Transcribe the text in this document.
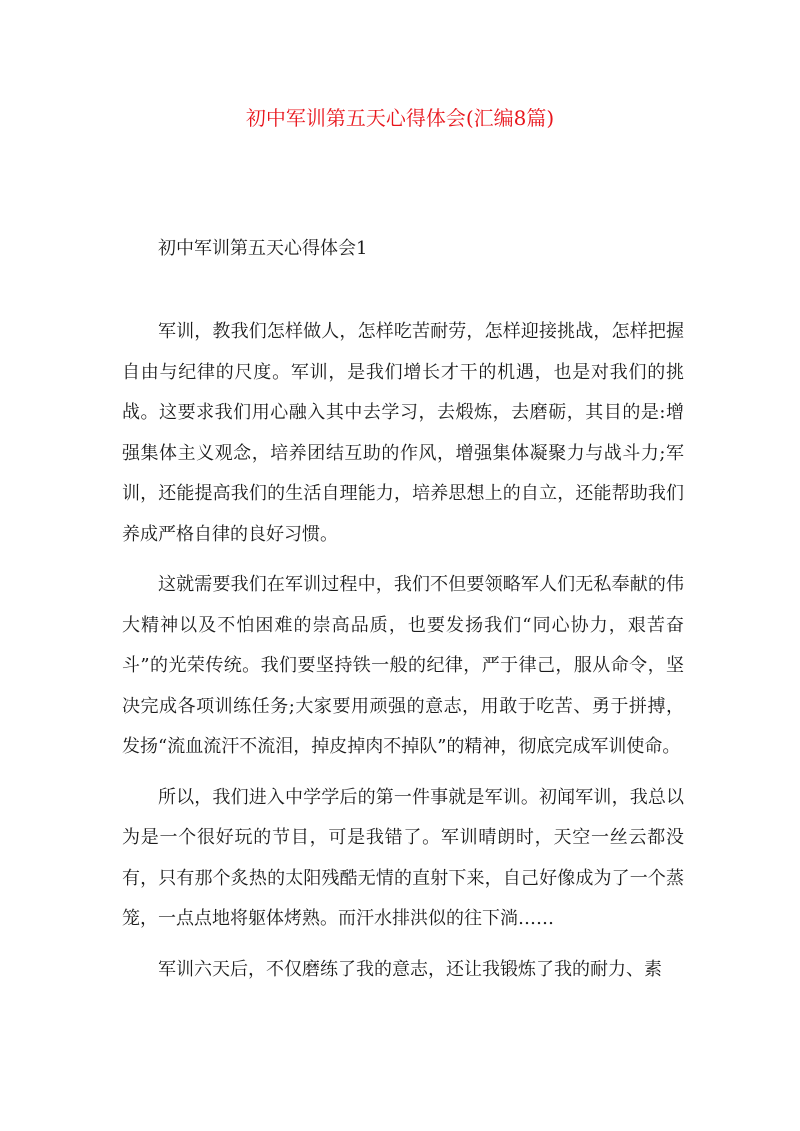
初中军训第五天心得体会(汇编8篇)
初中军训第五天心得体会1

军训，教我们怎样做人，怎样吃苦耐劳，怎样迎接挑战，怎样把握自由与纪律的尺度。军训，是我们增长才干的机遇，也是对我们的挑战。这要求我们用心融入其中去学习，去煅炼，去磨砺，其目的是:增强集体主义观念，培养团结互助的作风，增强集体凝聚力与战斗力;军训，还能提高我们的生活自理能力，培养思想上的自立，还能帮助我们养成严格自律的良好习惯。

这就需要我们在军训过程中，我们不但要领略军人们无私奉献的伟大精神以及不怕困难的崇高品质，也要发扬我们“同心协力，艰苦奋斗”的光荣传统。我们要坚持铁一般的纪律，严于律己，服从命令，坚决完成各项训练任务;大家要用顽强的意志，用敢于吃苦、勇于拼搏，发扬“流血流汗不流泪，掉皮掉肉不掉队”的精神，彻底完成军训使命。

所以，我们进入中学学后的第一件事就是军训。初闻军训，我总以为是一个很好玩的节目，可是我错了。军训晴朗时，天空一丝云都没有，只有那个炙热的太阳残酷无情的直射下来，自己好像成为了一个蒸笼，一点点地将躯体烤熟。而汗水排洪似的往下淌……

军训六天后，不仅磨练了我的意志，还让我锻炼了我的耐力、素
